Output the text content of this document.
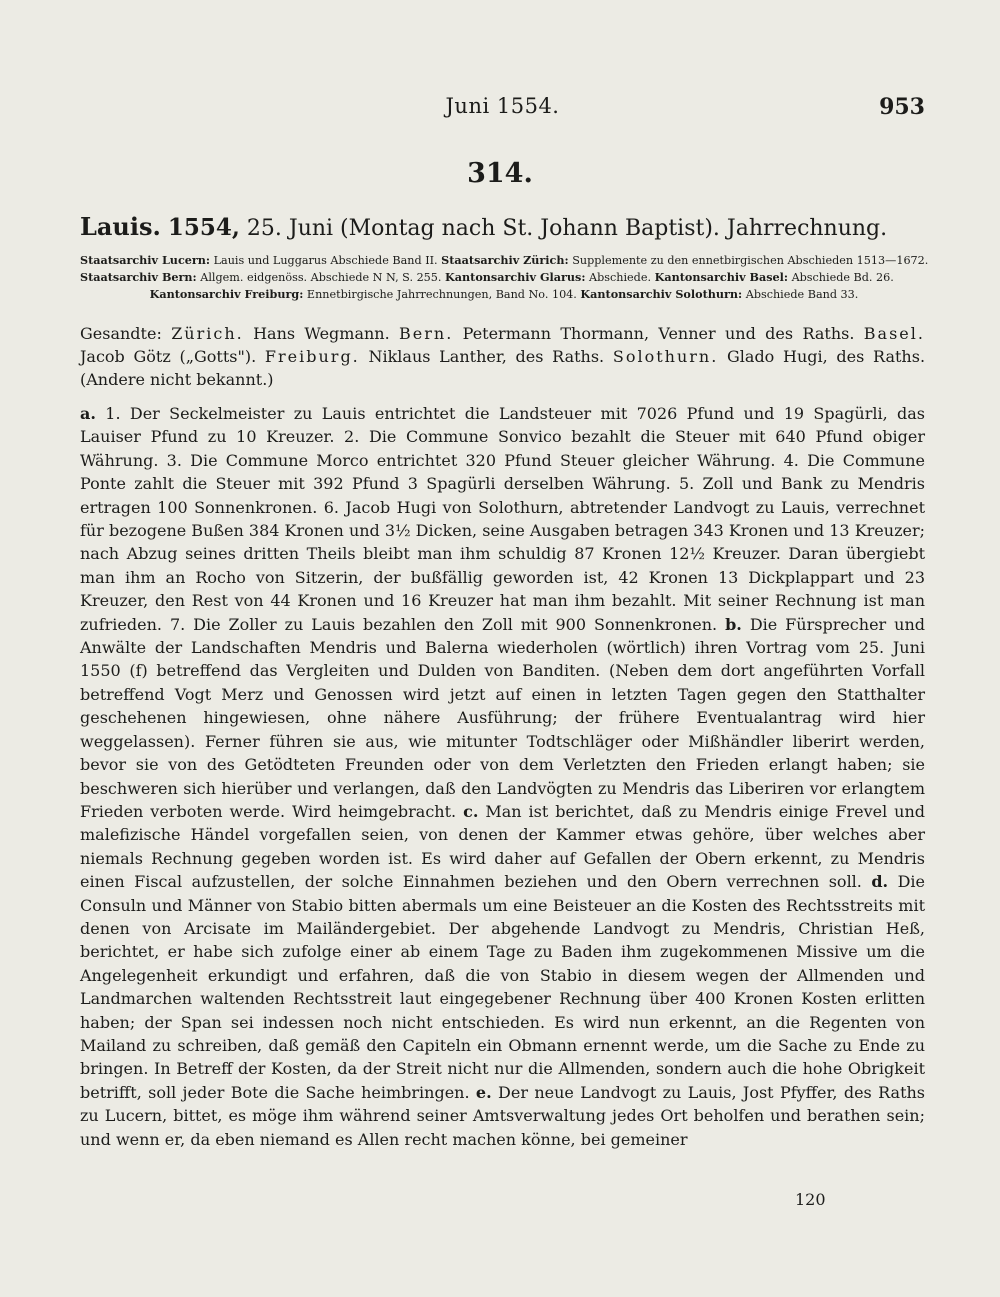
Juni 1554.	953
314.
Lauis. 1554, 25. Juni (Montag nach St. Johann Baptist). Jahrrechnung.
Staatsarchiv Lucern: Lauis und Luggarus Abschiede Band II. Staatsarchiv Zürich: Supplemente zu den ennetbirgischen Abschieden 1513—1672.
Staatsarchiv Bern: Allgem. eidgenöss. Abschiede N N, S. 255. Kantonsarchiv Glarus: Abschiede. Kantonsarchiv Basel: Abschiede Bd. 26.
Kantonsarchiv Freiburg: Ennetbirgische Jahrrechnungen, Band No. 104. Kantonsarchiv Solothurn: Abschiede Band 33.
Gesandte: Zürich. Hans Wegmann. Bern. Petermann Thormann, Venner und des Raths. Basel. Jacob Götz („Gotts"). Freiburg. Niklaus Lanther, des Raths. Solothurn. Glado Hugi, des Raths. (Andere nicht bekannt.)
a. 1. Der Seckelmeister zu Lauis entrichtet die Landsteuer mit 7026 Pfund und 19 Spagürli, das Lauiser Pfund zu 10 Kreuzer. 2. Die Commune Sonvico bezahlt die Steuer mit 640 Pfund obiger Währung. 3. Die Commune Morco entrichtet 320 Pfund Steuer gleicher Währung. 4. Die Commune Ponte zahlt die Steuer mit 392 Pfund 3 Spagürli derselben Währung. 5. Zoll und Bank zu Mendris ertragen 100 Sonnenkronen. 6. Jacob Hugi von Solothurn, abtretender Landvogt zu Lauis, verrechnet für bezogene Bußen 384 Kronen und 3½ Dicken, seine Ausgaben betragen 343 Kronen und 13 Kreuzer; nach Abzug seines dritten Theils bleibt man ihm schuldig 87 Kronen 12½ Kreuzer. Daran übergiebt man ihm an Rocho von Sitzerin, der bußfällig geworden ist, 42 Kronen 13 Dickplappart und 23 Kreuzer, den Rest von 44 Kronen und 16 Kreuzer hat man ihm bezahlt. Mit seiner Rechnung ist man zufrieden. 7. Die Zoller zu Lauis bezahlen den Zoll mit 900 Sonnenkronen. b. Die Fürsprecher und Anwälte der Landschaften Mendris und Balerna wiederholen (wörtlich) ihren Vortrag vom 25. Juni 1550 (f) betreffend das Vergleiten und Dulden von Banditen. (Neben dem dort angeführten Vorfall betreffend Vogt Merz und Genossen wird jetzt auf einen in letzten Tagen gegen den Statthalter geschehenen hingewiesen, ohne nähere Ausführung; der frühere Eventualantrag wird hier weggelassen). Ferner führen sie aus, wie mitunter Todtschläger oder Mißhändler liberirt werden, bevor sie von des Getödteten Freunden oder von dem Verletzten den Frieden erlangt haben; sie beschweren sich hierüber und verlangen, daß den Landvögten zu Mendris das Liberiren vor erlangtem Frieden verboten werde. Wird heimgebracht. c. Man ist berichtet, daß zu Mendris einige Frevel und malefizische Händel vorgefallen seien, von denen der Kammer etwas gehöre, über welches aber niemals Rechnung gegeben worden ist. Es wird daher auf Gefallen der Obern erkennt, zu Mendris einen Fiscal aufzustellen, der solche Einnahmen beziehen und den Obern verrechnen soll. d. Die Consuln und Männer von Stabio bitten abermals um eine Beisteuer an die Kosten des Rechtsstreits mit denen von Arcisate im Mailändergebiet. Der abgehende Landvogt zu Mendris, Christian Heß, berichtet, er habe sich zufolge einer ab einem Tage zu Baden ihm zugekommenen Missive um die Angelegenheit erkundigt und erfahren, daß die von Stabio in diesem wegen der Allmenden und Landmarchen waltenden Rechtsstreit laut eingegebener Rechnung über 400 Kronen Kosten erlitten haben; der Span sei indessen noch nicht entschieden. Es wird nun erkennt, an die Regenten von Mailand zu schreiben, daß gemäß den Capiteln ein Obmann ernennt werde, um die Sache zu Ende zu bringen. In Betreff der Kosten, da der Streit nicht nur die Allmenden, sondern auch die hohe Obrigkeit betrifft, soll jeder Bote die Sache heimbringen. e. Der neue Landvogt zu Lauis, Jost Pfyffer, des Raths zu Lucern, bittet, es möge ihm während seiner Amtsverwaltung jedes Ort beholfen und berathen sein; und wenn er, da eben niemand es Allen recht machen könne, bei gemeiner
120
